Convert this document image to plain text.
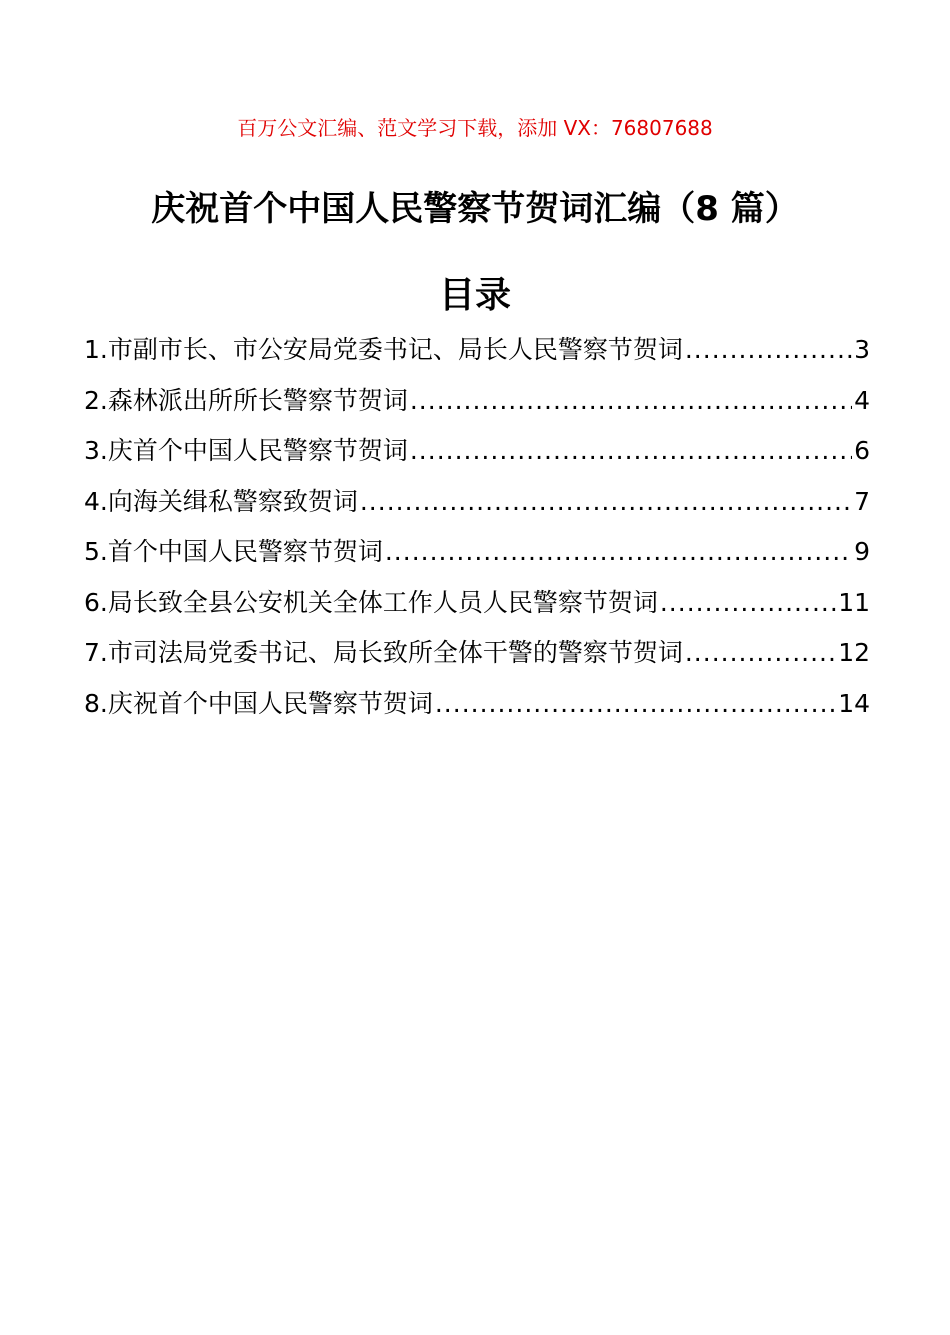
百万公文汇编、范文学习下载，添加 VX：76807688
庆祝首个中国人民警察节贺词汇编（8 篇）
目录
1.市副市长、市公安局党委书记、局长人民警察节贺词 .....	3
2.森林派出所所长警察节贺词 .....	4
3.庆首个中国人民警察节贺词 .....	6
4.向海关缉私警察致贺词 .....	7
5.首个中国人民警察节贺词 .....	9
6.局长致全县公安机关全体工作人员人民警察节贺词 .....	11
7.市司法局党委书记、局长致所全体干警的警察节贺词 .....	12
8.庆祝首个中国人民警察节贺词 .....	14
